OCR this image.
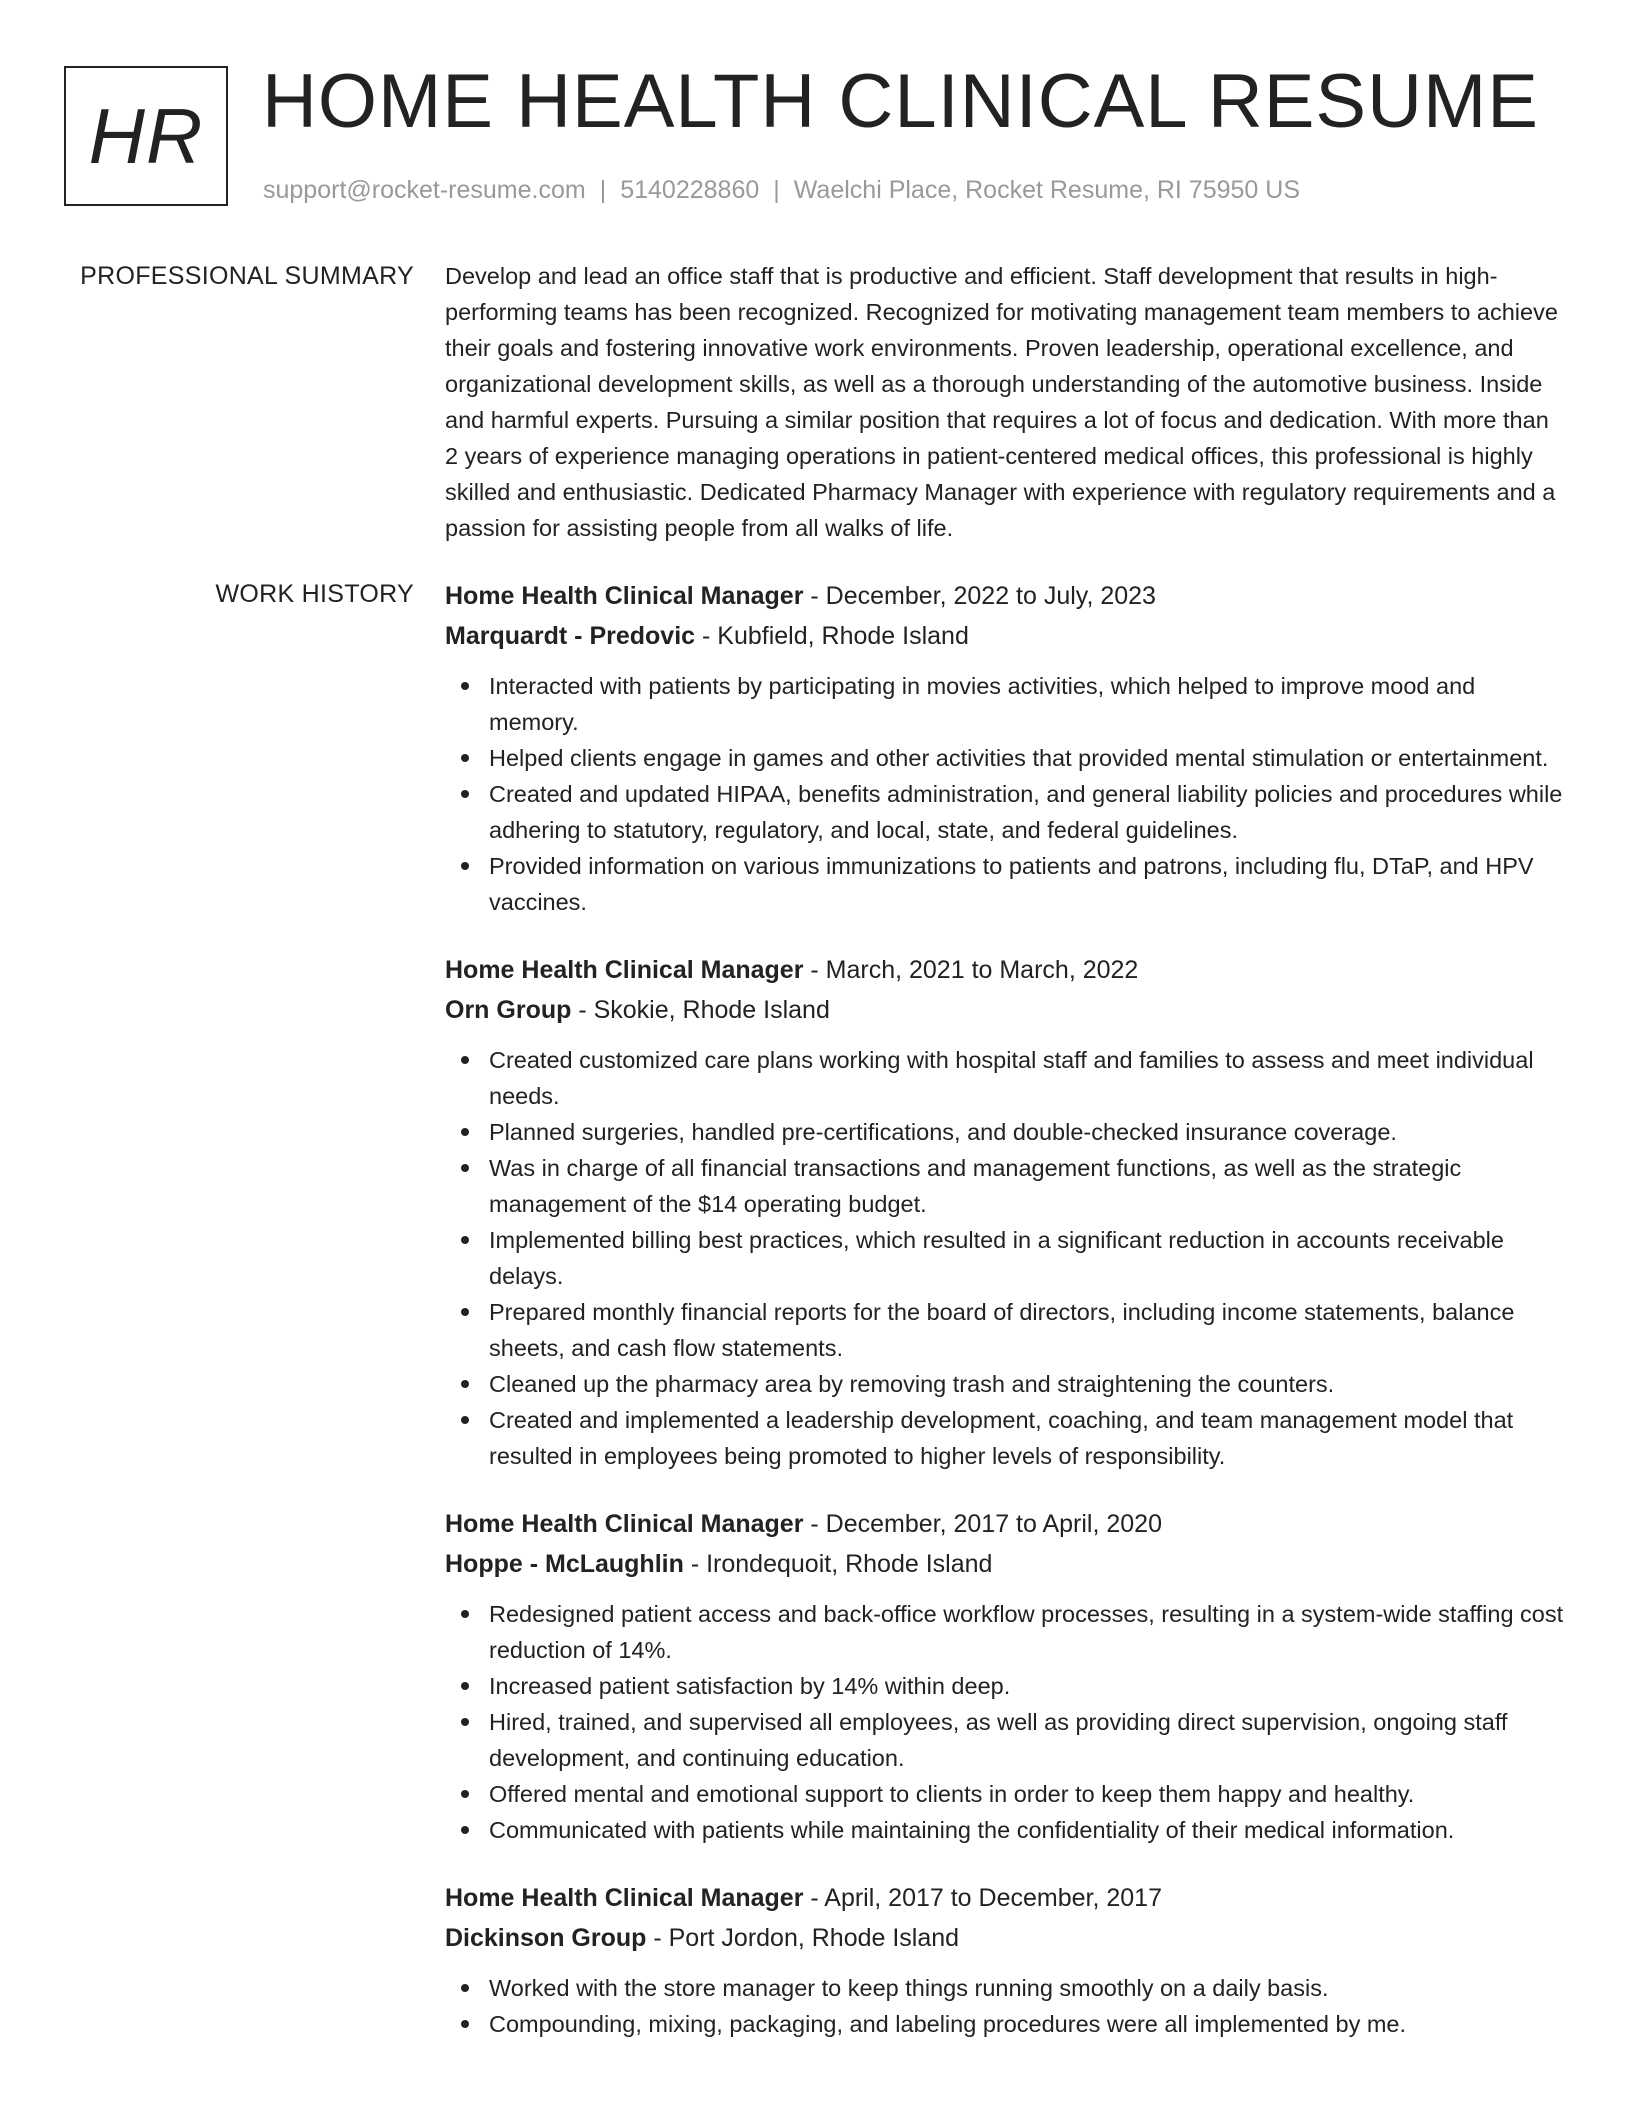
HR HOME HEALTH CLINICAL RESUME
support@rocket-resume.com | 5140228860 | Waelchi Place, Rocket Resume, RI 75950 US
PROFESSIONAL SUMMARY Develop and lead an office staff that is productive and efficient. Staff development that results in high-performing teams has been recognized. Recognized for motivating management team members to achieve their goals and fostering innovative work environments. Proven leadership, operational excellence, and organizational development skills, as well as a thorough understanding of the automotive business. Inside and harmful experts. Pursuing a similar position that requires a lot of focus and dedication. With more than 2 years of experience managing operations in patient-centered medical offices, this professional is highly skilled and enthusiastic. Dedicated Pharmacy Manager with experience with regulatory requirements and a passion for assisting people from all walks of life.

WORK HISTORY Home Health Clinical Manager - December, 2022 to July, 2023
Marquardt - Predovic - Kubfield, Rhode Island
Interacted with patients by participating in movies activities, which helped to improve mood and memory.
Helped clients engage in games and other activities that provided mental stimulation or entertainment.
Created and updated HIPAA, benefits administration, and general liability policies and procedures while adhering to statutory, regulatory, and local, state, and federal guidelines.
Provided information on various immunizations to patients and patrons, including flu, DTaP, and HPV vaccines.
Home Health Clinical Manager - March, 2021 to March, 2022
Orn Group - Skokie, Rhode Island
Created customized care plans working with hospital staff and families to assess and meet individual needs.
Planned surgeries, handled pre-certifications, and double-checked insurance coverage.
Was in charge of all financial transactions and management functions, as well as the strategic management of the $14 operating budget.
Implemented billing best practices, which resulted in a significant reduction in accounts receivable delays.
Prepared monthly financial reports for the board of directors, including income statements, balance sheets, and cash flow statements.
Cleaned up the pharmacy area by removing trash and straightening the counters.
Created and implemented a leadership development, coaching, and team management model that resulted in employees being promoted to higher levels of responsibility.
Home Health Clinical Manager - December, 2017 to April, 2020
Hoppe - McLaughlin - Irondequoit, Rhode Island
Redesigned patient access and back-office workflow processes, resulting in a system-wide staffing cost reduction of 14%.
Increased patient satisfaction by 14% within deep.
Hired, trained, and supervised all employees, as well as providing direct supervision, ongoing staff development, and continuing education.
Offered mental and emotional support to clients in order to keep them happy and healthy.
Communicated with patients while maintaining the confidentiality of their medical information.
Home Health Clinical Manager - April, 2017 to December, 2017
Dickinson Group - Port Jordon, Rhode Island
Worked with the store manager to keep things running smoothly on a daily basis.
Compounding, mixing, packaging, and labeling procedures were all implemented by me.
